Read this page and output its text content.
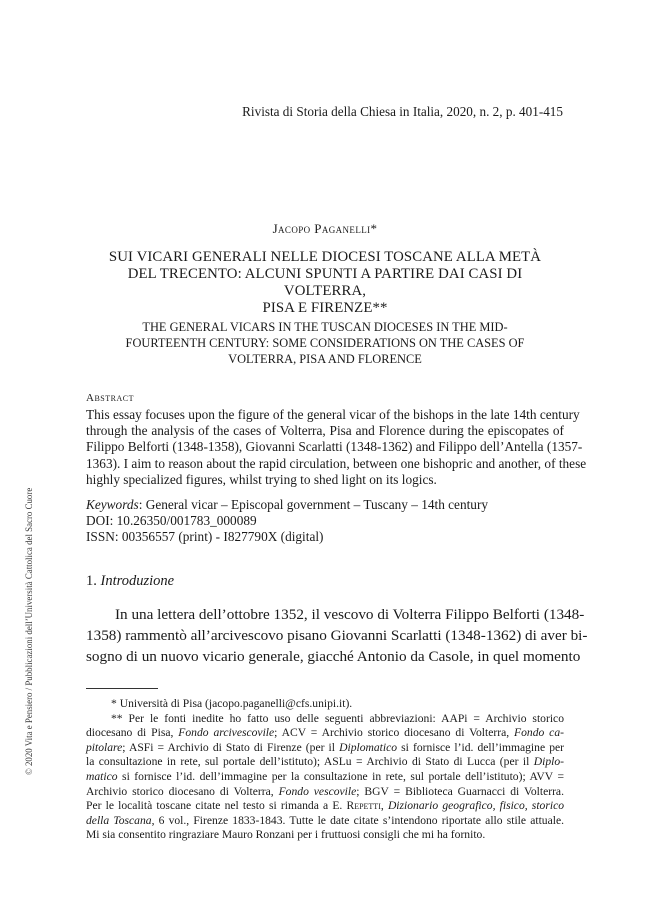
Rivista di Storia della Chiesa in Italia, 2020, n. 2, p. 401-415
Jacopo Paganelli*
SUI VICARI GENERALI NELLE DIOCESI TOSCANE ALLA METÀ
DEL TRECENTO: ALCUNI SPUNTI A PARTIRE DAI CASI DI VOLTERRA,
PISA E FIRENZE**
THE GENERAL VICARS IN THE TUSCAN DIOCESES IN THE MID-
FOURTEENTH CENTURY: SOME CONSIDERATIONS ON THE CASES OF
VOLTERRA, PISA AND FLORENCE
Abstract
This essay focuses upon the figure of the general vicar of the bishops in the late 14th century
through the analysis of the cases of Volterra, Pisa and Florence during the episcopates of
Filippo Belforti (1348-1358), Giovanni Scarlatti (1348-1362) and Filippo dell’Antella (1357-
1363). I aim to reason about the rapid circulation, between one bishopric and another, of these
highly specialized figures, whilst trying to shed light on its logics.
Keywords: General vicar – Episcopal government – Tuscany – 14th century
DOI: 10.26350/001783_000089
ISSN: 00356557 (print) - I827790X (digital)
1. Introduzione
In una lettera dell’ottobre 1352, il vescovo di Volterra Filippo Belforti (1348-
1358) rammentò all’arcivescovo pisano Giovanni Scarlatti (1348-1362) di aver bi-
sogno di un nuovo vicario generale, giacché Antonio da Casole, in quel momento
* Università di Pisa (jacopo.paganelli@cfs.unipi.it).
** Per le fonti inedite ho fatto uso delle seguenti abbreviazioni: AAPi = Archivio storico
diocesano di Pisa, Fondo arcivescovile; ACV = Archivio storico diocesano di Volterra, Fondo ca-
pitolare; ASFi = Archivio di Stato di Firenze (per il Diplomatico si fornisce l’id. dell’immagine per
la consultazione in rete, sul portale dell’istituto); ASLu = Archivio di Stato di Lucca (per il Diplo-
matico si fornisce l’id. dell’immagine per la consultazione in rete, sul portale dell’istituto); AVV =
Archivio storico diocesano di Volterra, Fondo vescovile; BGV = Biblioteca Guarnacci di Volterra.
Per le località toscane citate nel testo si rimanda a E. Repetti, Dizionario geografico, fisico, storico
della Toscana, 6 vol., Firenze 1833-1843. Tutte le date citate s’intendono riportate allo stile attuale.
Mi sia consentito ringraziare Mauro Ronzani per i fruttuosi consigli che mi ha fornito.
© 2020 Vita e Pensiero / Pubblicazioni dell’Università Cattolica del Sacro Cuore
